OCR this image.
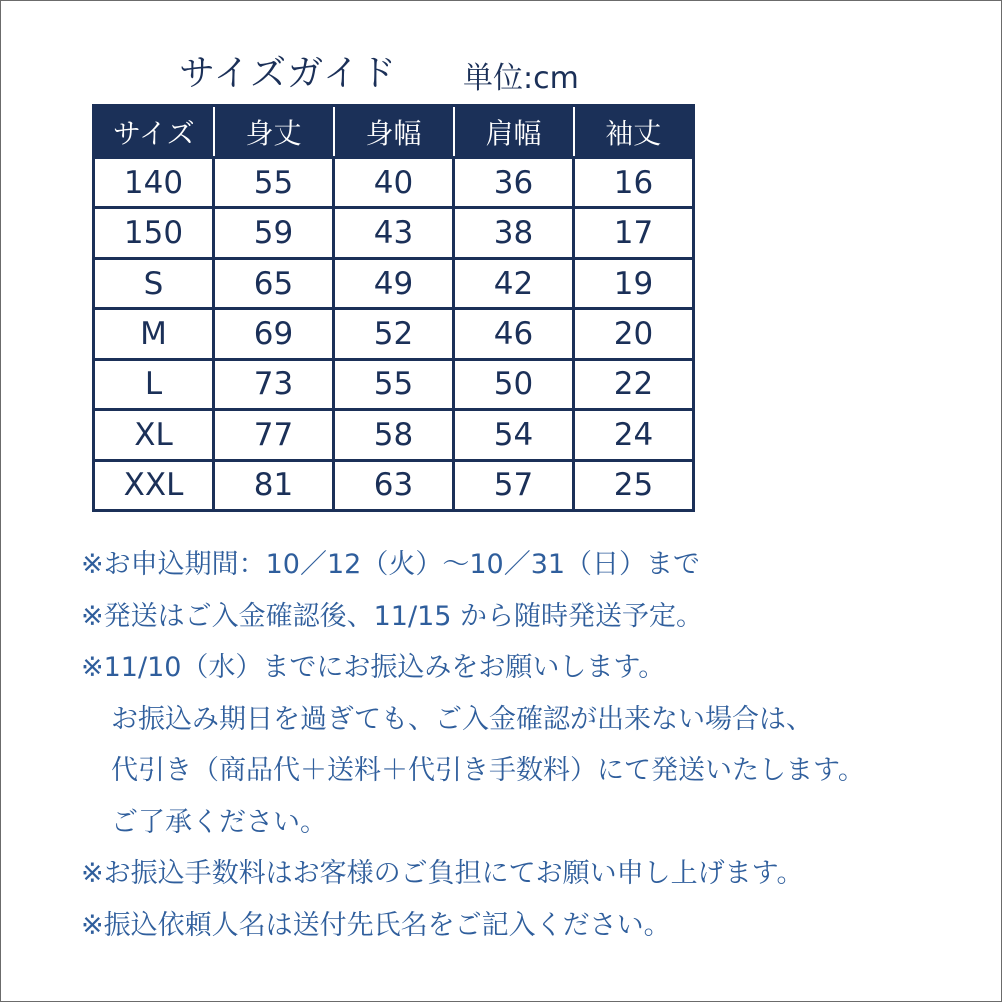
サイズガイド 単位:cm
サイズ	身丈	身幅	肩幅	袖丈
140	55	40	36	16
150	59	43	38	17
S	65	49	42	19
M	69	52	46	20
L	73	55	50	22
XL	77	58	54	24
XXL	81	63	57	25
※お申込期間：10／12（火）～10／31（日）まで
※発送はご入金確認後、11/15 から随時発送予定。
※11/10（水）までにお振込みをお願いします。
お振込み期日を過ぎても、ご入金確認が出来ない場合は、
代引き（商品代＋送料＋代引き手数料）にて発送いたします。
ご了承ください。
※お振込手数料はお客様のご負担にてお願い申し上げます。
※振込依頼人名は送付先氏名をご記入ください。
